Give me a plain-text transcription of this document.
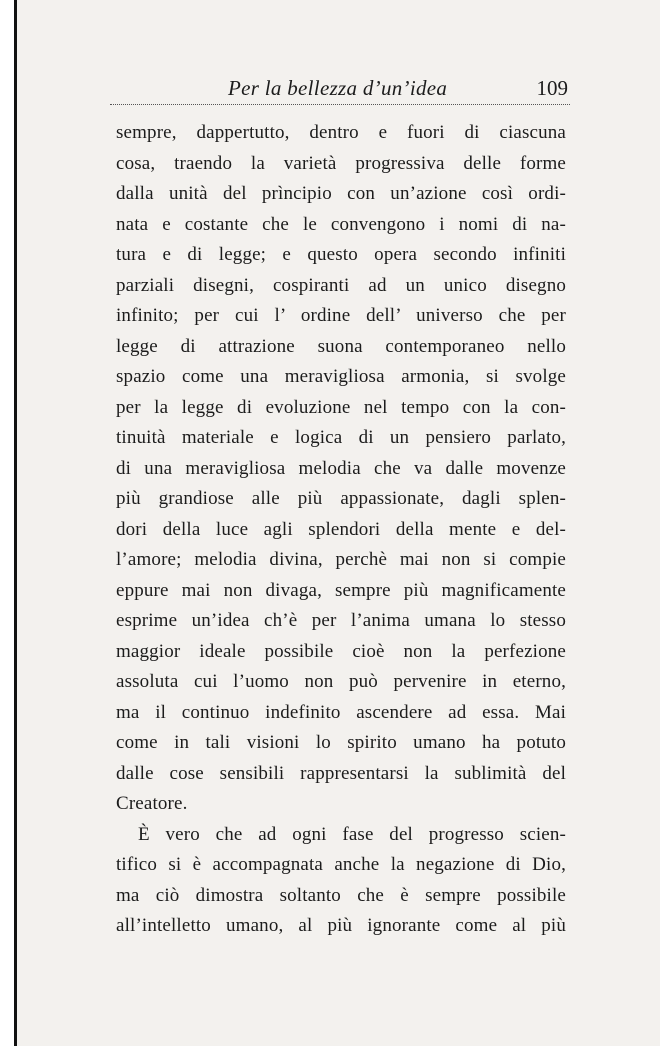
Per la bellezza d’un’idea	109
sempre, dappertutto, dentro e fuori di ciascuna
cosa, traendo la varietà progressiva delle forme
dalla unità del prìncipio con un’azione così ordi-
nata e costante che le convengono i nomi di na-
tura e di legge; e questo opera secondo infiniti
parziali disegni, cospiranti ad un unico disegno
infinito; per cui l’ ordine dell’ universo che per
legge di attrazione suona contemporaneo nello
spazio come una meravigliosa armonia, si svolge
per la legge di evoluzione nel tempo con la con-
tinuità materiale e logica di un pensiero parlato,
di una meravigliosa melodia che va dalle movenze
più grandiose alle più appassionate, dagli splen-
dori della luce agli splendori della mente e del-
l’amore; melodia divina, perchè mai non si compie
eppure mai non divaga, sempre più magnificamente
esprime un’idea ch’è per l’anima umana lo stesso
maggior ideale possibile cioè non la perfezione
assoluta cui l’uomo non può pervenire in eterno,
ma il continuo indefinito ascendere ad essa. Mai
come in tali visioni lo spirito umano ha potuto
dalle cose sensibili rappresentarsi la sublimità del
Creatore.
È vero che ad ogni fase del progresso scien-
tifico si è accompagnata anche la negazione di Dio,
ma ciò dimostra soltanto che è sempre possibile
all’intelletto umano, al più ignorante come al più
